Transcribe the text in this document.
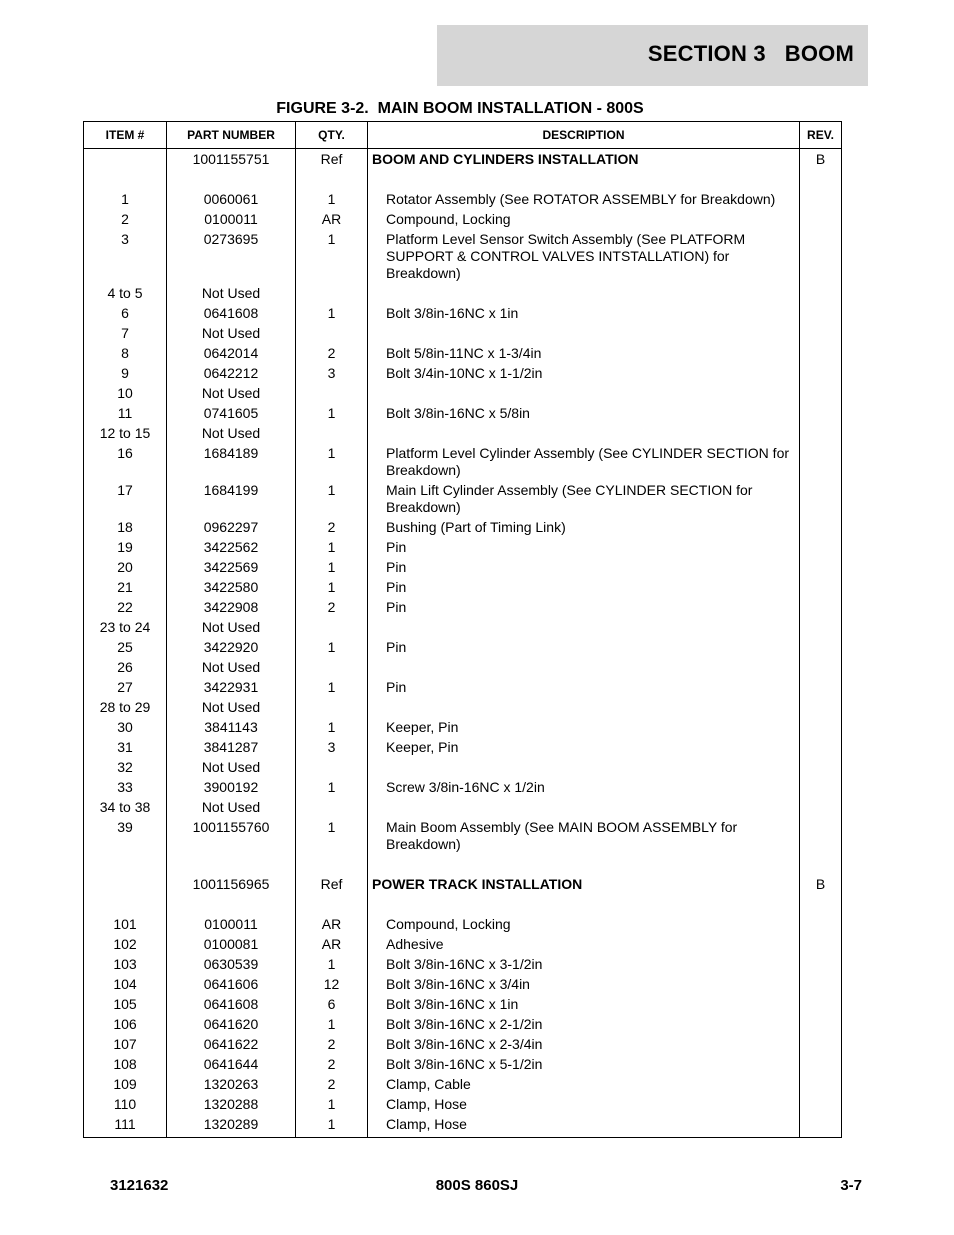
SECTION 3   BOOM
FIGURE 3-2.  MAIN BOOM INSTALLATION - 800S
ITEM #	PART NUMBER	QTY.	DESCRIPTION	REV.
	1001155751	Ref	BOOM AND CYLINDERS INSTALLATION	B
1	0060061	1	Rotator Assembly (See ROTATOR ASSEMBLY for Breakdown)	
2	0100011	AR	Compound, Locking	
3	0273695	1	Platform Level Sensor Switch Assembly (See PLATFORM SUPPORT & CONTROL VALVES INTSTALLATION) for Breakdown)	
4 to 5	Not Used			
6	0641608	1	Bolt 3/8in-16NC x 1in	
7	Not Used			
8	0642014	2	Bolt 5/8in-11NC x 1-3/4in	
9	0642212	3	Bolt 3/4in-10NC x 1-1/2in	
10	Not Used			
11	0741605	1	Bolt 3/8in-16NC x 5/8in	
12 to 15	Not Used			
16	1684189	1	Platform Level Cylinder Assembly (See CYLINDER SECTION for Breakdown)	
17	1684199	1	Main Lift Cylinder Assembly (See CYLINDER SECTION for Breakdown)	
18	0962297	2	Bushing (Part of Timing Link)	
19	3422562	1	Pin	
20	3422569	1	Pin	
21	3422580	1	Pin	
22	3422908	2	Pin	
23 to 24	Not Used			
25	3422920	1	Pin	
26	Not Used			
27	3422931	1	Pin	
28 to 29	Not Used			
30	3841143	1	Keeper, Pin	
31	3841287	3	Keeper, Pin	
32	Not Used			
33	3900192	1	Screw 3/8in-16NC x 1/2in	
34 to 38	Not Used			
39	1001155760	1	Main Boom Assembly (See MAIN BOOM ASSEMBLY for Breakdown)	
	1001156965	Ref	POWER TRACK INSTALLATION	B
101	0100011	AR	Compound, Locking	
102	0100081	AR	Adhesive	
103	0630539	1	Bolt 3/8in-16NC x 3-1/2in	
104	0641606	12	Bolt 3/8in-16NC x 3/4in	
105	0641608	6	Bolt 3/8in-16NC x 1in	
106	0641620	1	Bolt 3/8in-16NC x 2-1/2in	
107	0641622	2	Bolt 3/8in-16NC x 2-3/4in	
108	0641644	2	Bolt 3/8in-16NC x 5-1/2in	
109	1320263	2	Clamp, Cable	
110	1320288	1	Clamp, Hose	
111	1320289	1	Clamp, Hose	
3121632	800S 860SJ	3-7
